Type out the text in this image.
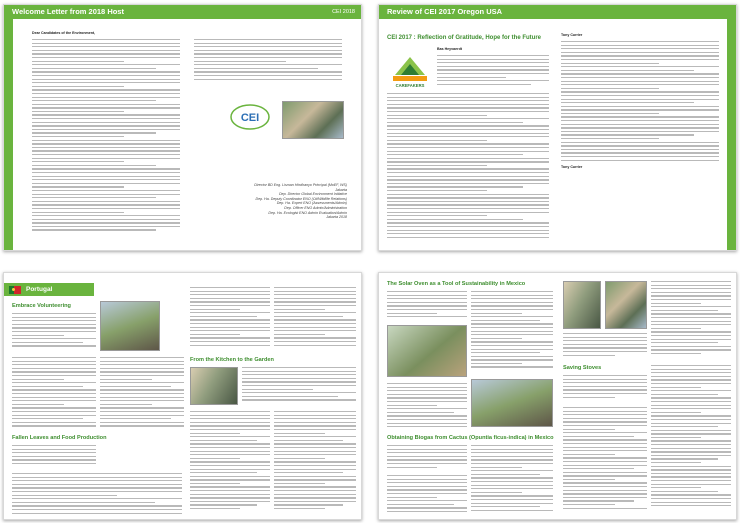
Welcome Letter from 2018 Host	CEI 2018
Dear Candidates of the Environment,
CEI
Director BD Eng. Lisman Hindhanyo Principal (MoEF, WS) Jakarta
Dep. Director Global Environment Initiative
Dep. Ha. Deputy Coordinator ENO (Oil/Wildlife Relations)
Dep. Ha. Expert ENO (Assessments/Admin)
Dep. Officer ENO Admin/Administration
Dep. Ha. Ecologist ENO Admin Evaluation/Admin
Jakarta 2018
Review of CEI 2017 Oregon USA
CEI 2017 : Reflection of Gratitude, Hope for the Future
CAREFAKERS
Bas Heyvaerdt
Tony Currier
Tony Currier
Portugal
Embrace Volunteering
From the Kitchen to the Garden
Fallen Leaves and Food Production
The Solar Oven as a Tool of Sustainability in Mexico
Saving Stoves
Obtaining Biogas from Cactus (Opuntia ficus-indica) in Mexico
